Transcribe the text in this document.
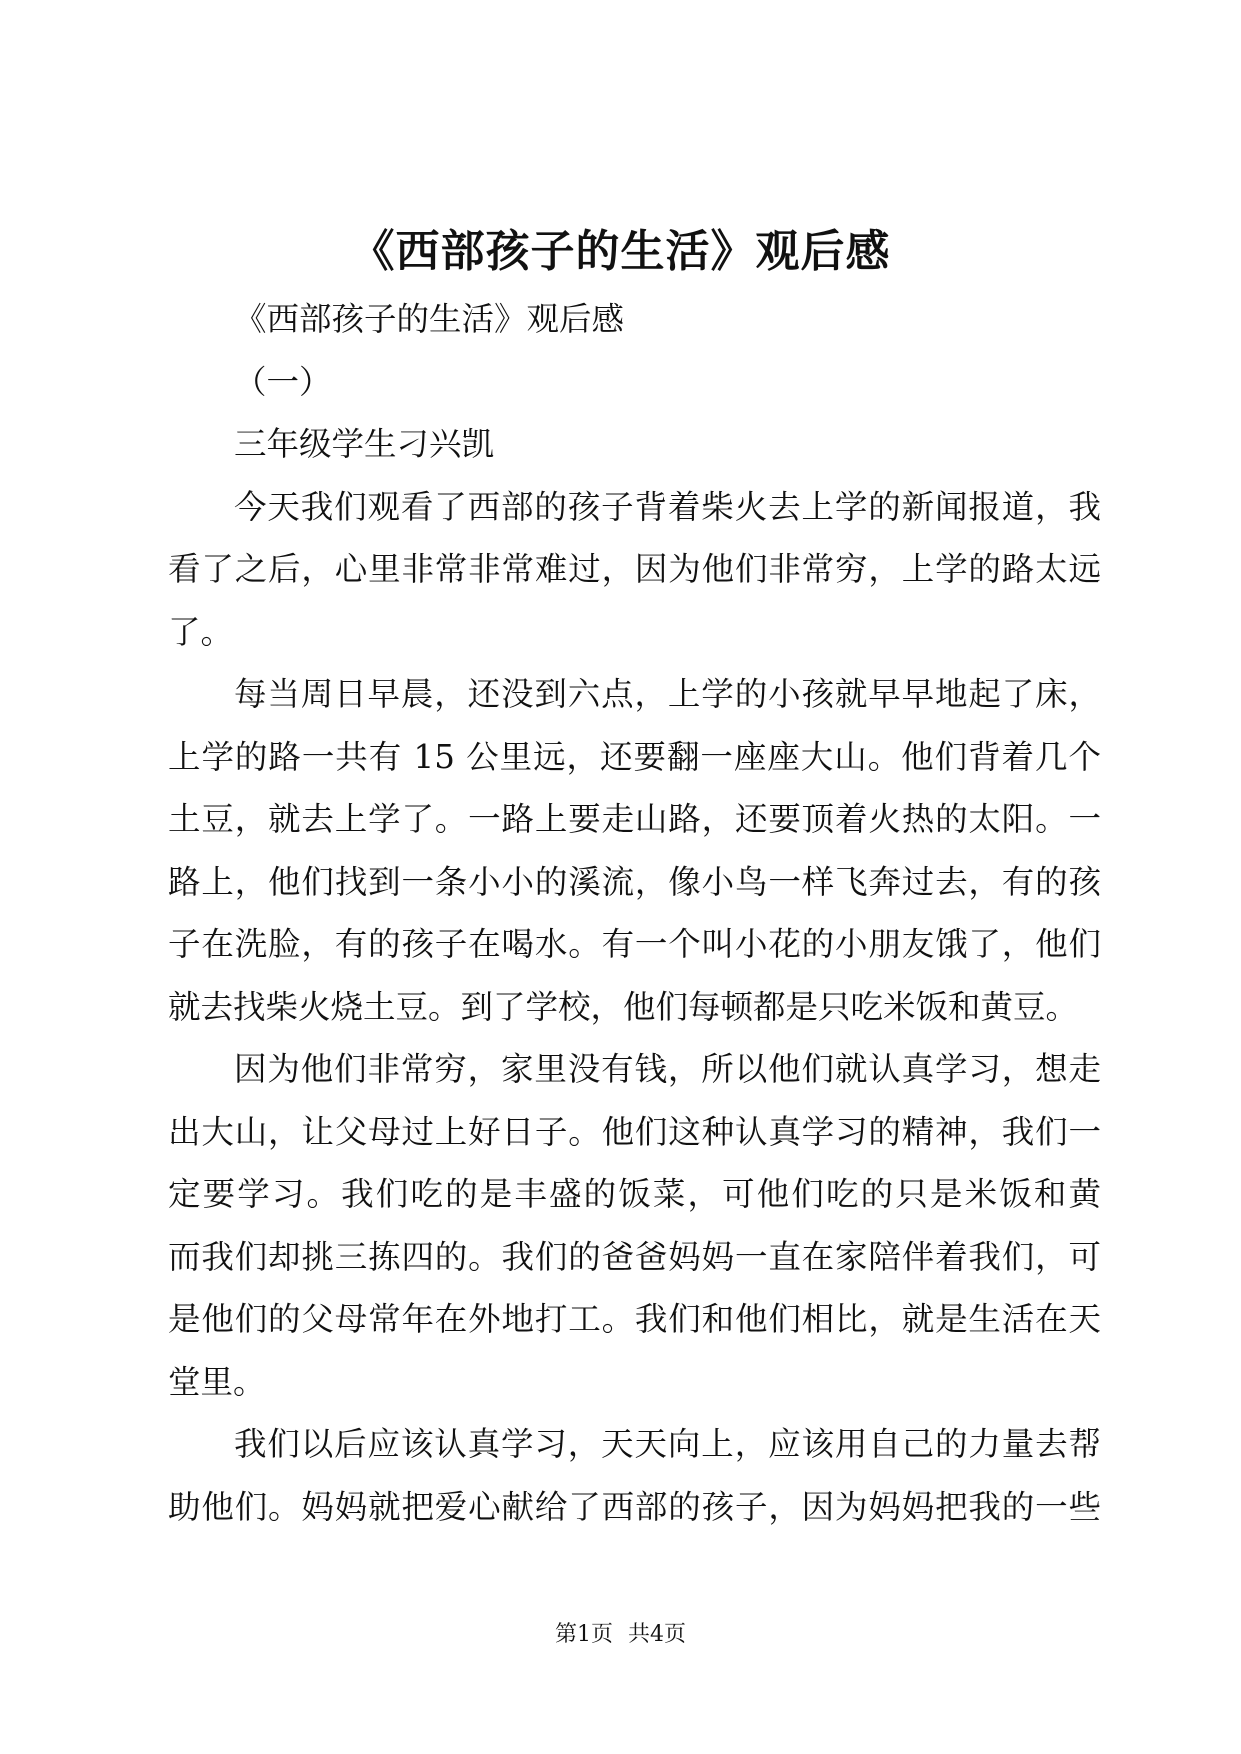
《西部孩子的生活》观后感
《西部孩子的生活》观后感
（一）
三年级学生刁兴凯
今天我们观看了西部的孩子背着柴火去上学的新闻报道，我
看了之后，心里非常非常难过，因为他们非常穷，上学的路太远
了。
每当周日早晨，还没到六点，上学的小孩就早早地起了床，
上学的路一共有 15 公里远，还要翻一座座大山。他们背着几个
土豆，就去上学了。一路上要走山路，还要顶着火热的太阳。一
路上，他们找到一条小小的溪流，像小鸟一样飞奔过去，有的孩
子在洗脸，有的孩子在喝水。有一个叫小花的小朋友饿了，他们
就去找柴火烧土豆。到了学校，他们每顿都是只吃米饭和黄豆。
因为他们非常穷，家里没有钱，所以他们就认真学习，想走
出大山，让父母过上好日子。他们这种认真学习的精神，我们一
定要学习。我们吃的是丰盛的饭菜，可他们吃的只是米饭和黄
而我们却挑三拣四的。我们的爸爸妈妈一直在家陪伴着我们，可
是他们的父母常年在外地打工。我们和他们相比，就是生活在天
堂里。
我们以后应该认真学习，天天向上，应该用自己的力量去帮
助他们。妈妈就把爱心献给了西部的孩子，因为妈妈把我的一些
第1页 共4页
